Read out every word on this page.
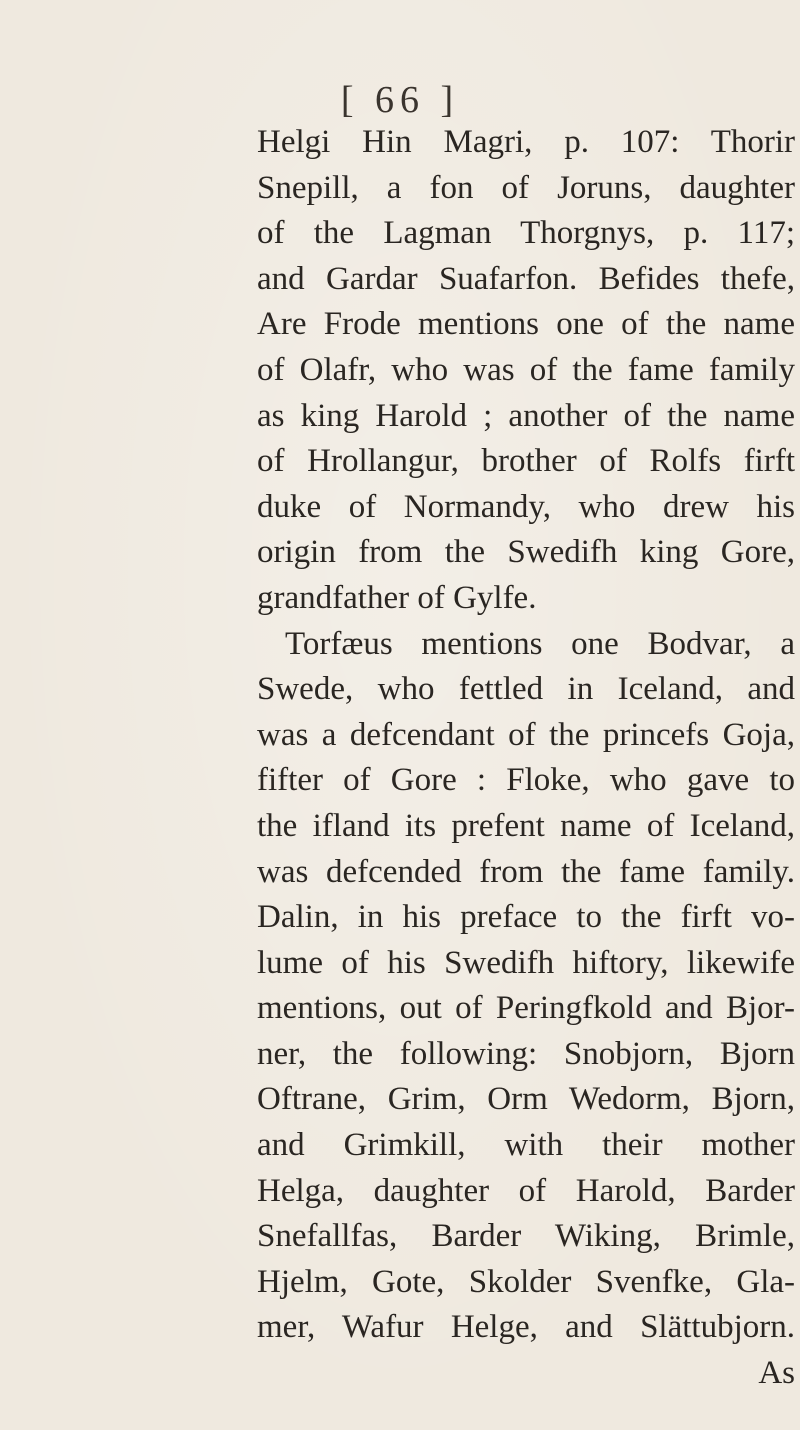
[ 66 ]
Helgi Hin Magri, p. 107: Thorir
Snepill, a fon of Joruns, daughter
of the Lagman Thorgnys, p. 117;
and Gardar Suafarfon. Befides thefe,
Are Frode mentions one of the name
of Olafr, who was of the fame family
as king Harold ; another of the name
of Hrollangur, brother of Rolfs firft
duke of Normandy, who drew his
origin from the Swedifh king Gore,
grandfather of Gylfe.
Torfæus mentions one Bodvar, a
Swede, who fettled in Iceland, and
was a defcendant of the princefs Goja,
fifter of Gore : Floke, who gave to
the ifland its prefent name of Iceland,
was defcended from the fame family.
Dalin, in his preface to the firft vo-
lume of his Swedifh hiftory, likewife
mentions, out of Peringfkold and Bjor-
ner, the following: Snobjorn, Bjorn
Oftrane, Grim, Orm Wedorm, Bjorn,
and Grimkill, with their mother
Helga, daughter of Harold, Barder
Snefallfas, Barder Wiking, Brimle,
Hjelm, Gote, Skolder Svenfke, Gla-
mer, Wafur Helge, and Slättubjorn.
As
